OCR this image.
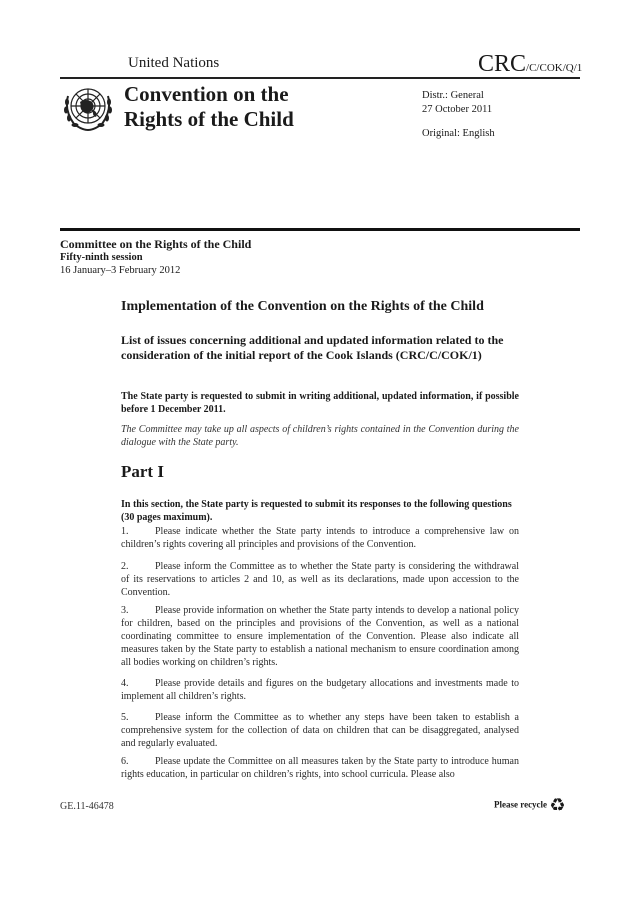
United Nations	CRC/C/COK/Q/1
Convention on the
Rights of the Child
Distr.: General
27 October 2011
Original: English
Committee on the Rights of the Child
Fifty-ninth session
16 January–3 February 2012
Implementation of the Convention on the Rights of the Child
List of issues concerning additional and updated information related to the consideration of the initial report of the Cook Islands (CRC/C/COK/1)
The State party is requested to submit in writing additional, updated information, if possible before 1 December 2011.
The Committee may take up all aspects of children’s rights contained in the Convention during the dialogue with the State party.
Part I
In this section, the State party is requested to submit its responses to the following questions (30 pages maximum).
1.	Please indicate whether the State party intends to introduce a comprehensive law on children’s rights covering all principles and provisions of the Convention.
2.	Please inform the Committee as to whether the State party is considering the withdrawal of its reservations to articles 2 and 10, as well as its declarations, made upon accession to the Convention.
3.	Please provide information on whether the State party intends to develop a national policy for children, based on the principles and provisions of the Convention, as well as a national coordinating committee to ensure implementation of the Convention. Please also indicate all measures taken by the State party to establish a national mechanism to ensure coordination among all bodies working on children’s rights.
4.	Please provide details and figures on the budgetary allocations and investments made to implement all children’s rights.
5.	Please inform the Committee as to whether any steps have been taken to establish a comprehensive system for the collection of data on children that can be disaggregated, analysed and regularly evaluated.
6.	Please update the Committee on all measures taken by the State party to introduce human rights education, in particular on children’s rights, into school curricula. Please also
GE.11-46478	Please recycle ♻
